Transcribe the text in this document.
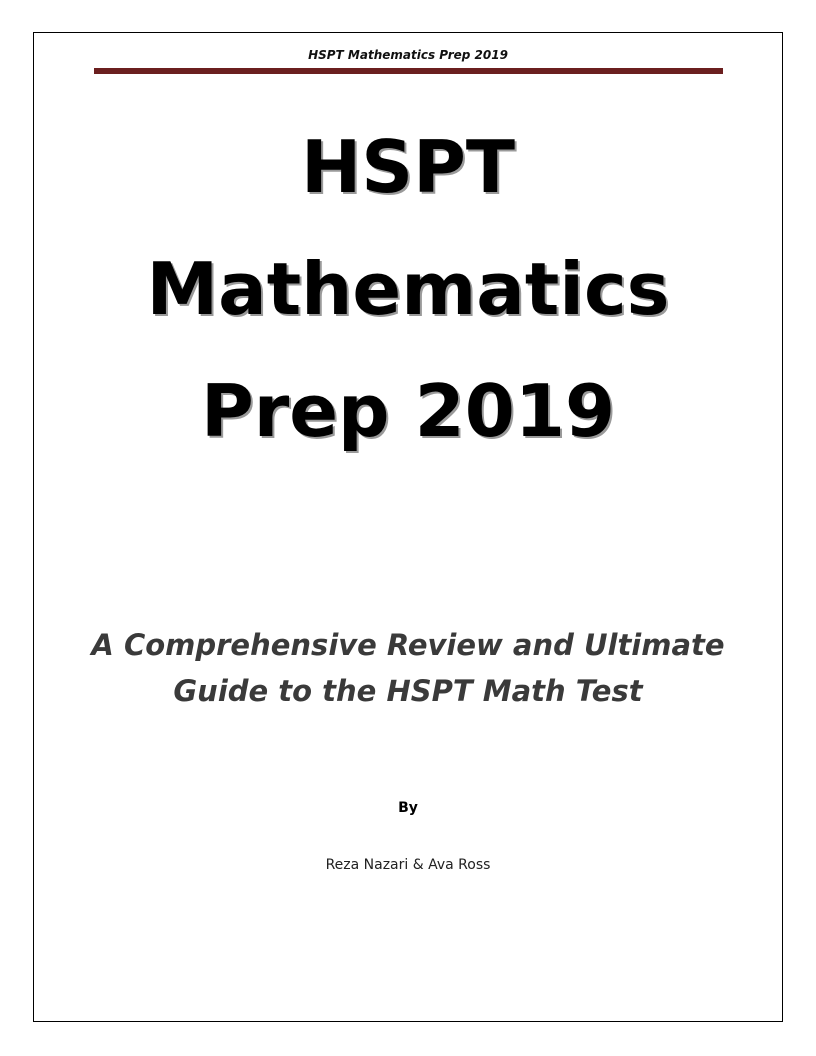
HSPT Mathematics Prep 2019
HSPT
Mathematics
Prep 2019
A Comprehensive Review and Ultimate
Guide to the HSPT Math Test
By
Reza Nazari & Ava Ross
